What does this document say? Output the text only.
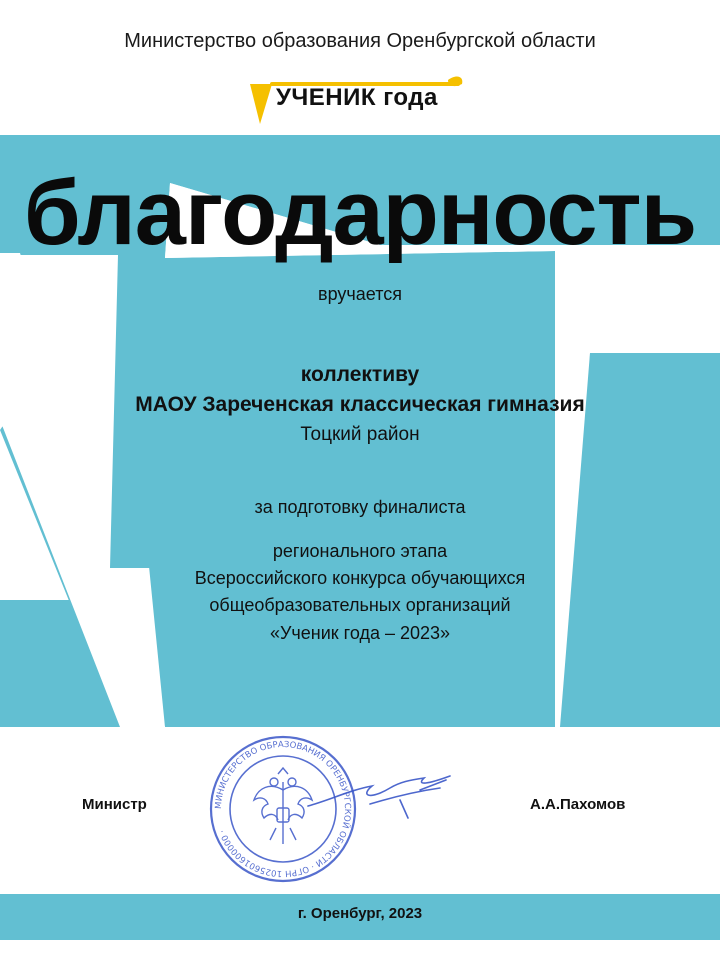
Министерство образования Оренбургской области
УЧЕНИК года
благодарность
вручается
коллективу
МАОУ Зареченская классическая гимназия
Тоцкий район
за подготовку финалиста
регионального этапа
Всероссийского конкурса обучающихся
общеобразовательных организаций
«Ученик года – 2023»
Министр	А.А.Пахомов
МИНИСТЕРСТВО ОБРАЗОВАНИЯ ОРЕНБУРГСКОЙ ОБЛАСТИ · ОГРН 1025601600000 ·
г. Оренбург, 2023
